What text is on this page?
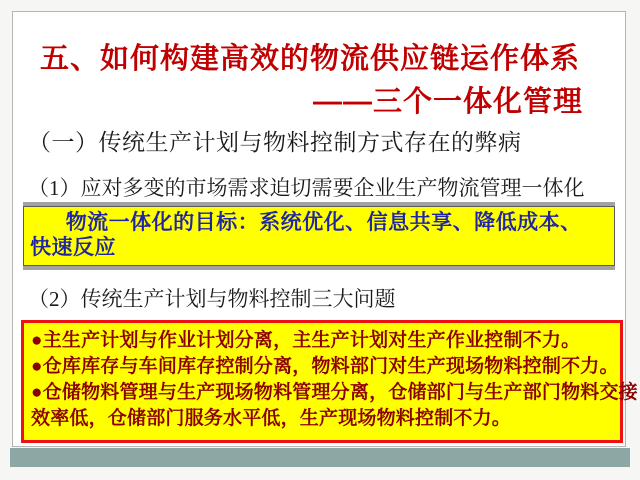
五、如何构建高效的物流供应链运作体系
——三个一体化管理
（一）传统生产计划与物料控制方式存在的弊病
（1）应对多变的市场需求迫切需要企业生产物流管理一体化
物流一体化的目标：系统优化、信息共享、降低成本、
快速反应
（2）传统生产计划与物料控制三大问题
●主生产计划与作业计划分离，主生产计划对生产作业控制不力。
●仓库库存与车间库存控制分离，物料部门对生产现场物料控制不力。
●仓储物料管理与生产现场物料管理分离，仓储部门与生产部门物料交接
效率低，仓储部门服务水平低，生产现场物料控制不力。
